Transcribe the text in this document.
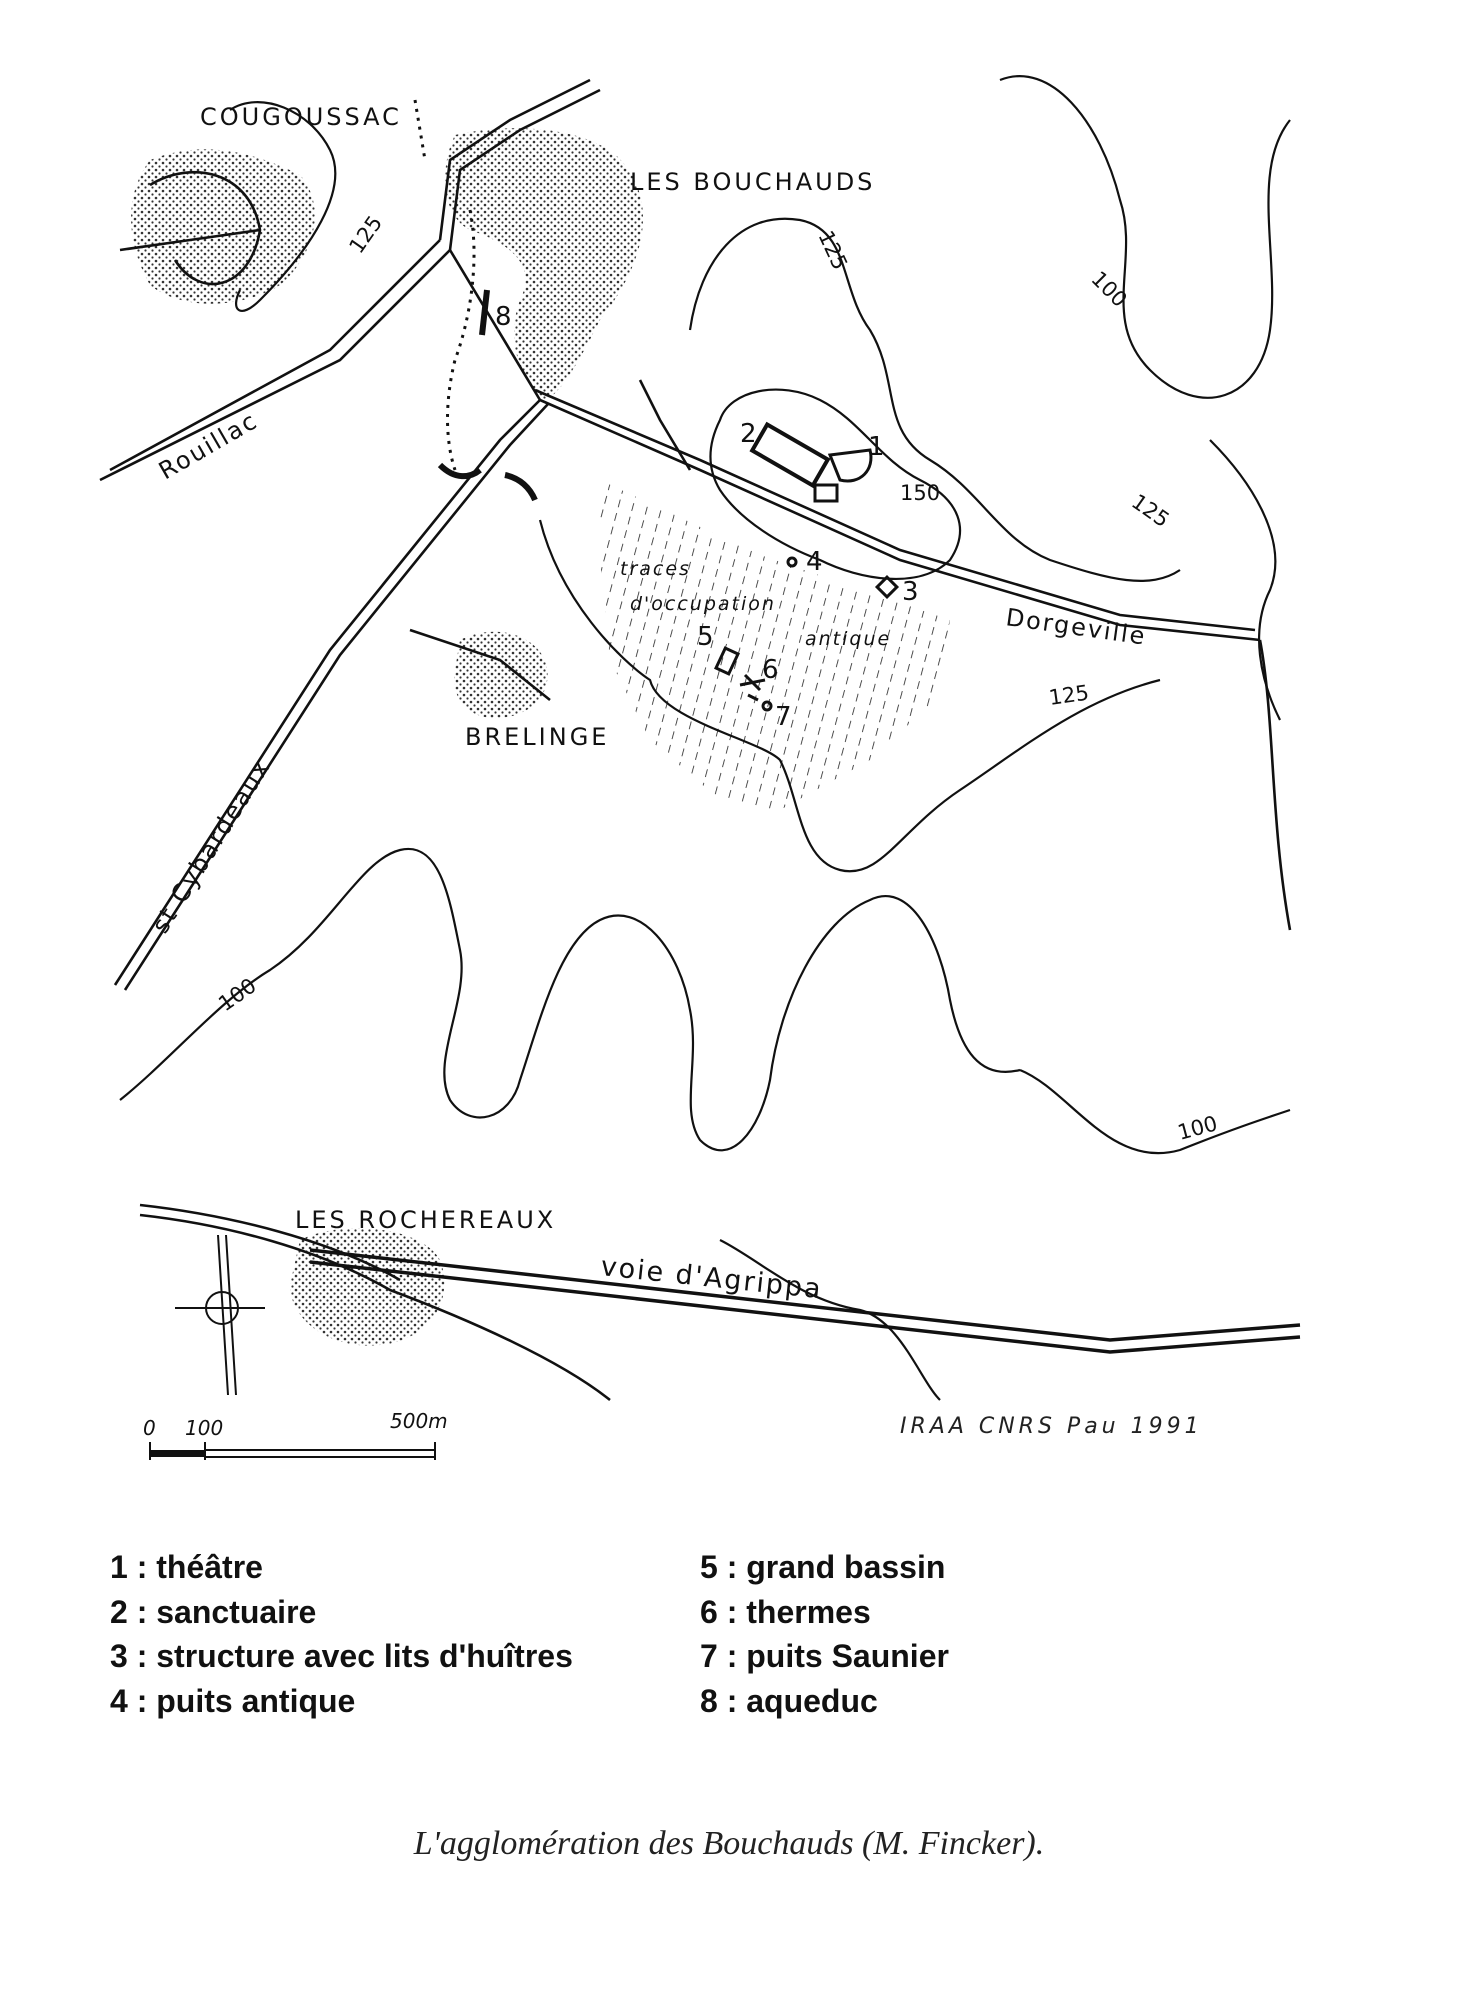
0 100	500m
COUGOUSSAC
LES BOUCHAUDS
BRELINGE
LES ROCHEREAUX
Rouillac
Dorgeville
st Cybardeaux
voie d'Agrippa
traces
d'occupation
antique
125	125
125
125
150
100
100
100
1
2
3
4
5
6
7
8
IRAA CNRS Pau 1991
1 : théâtre
2 : sanctuaire
3 : structure avec lits d'huîtres
4 : puits antique
5 : grand bassin
6 : thermes
7 : puits Saunier
8 : aqueduc
L'agglomération des Bouchauds (M. Fincker).
